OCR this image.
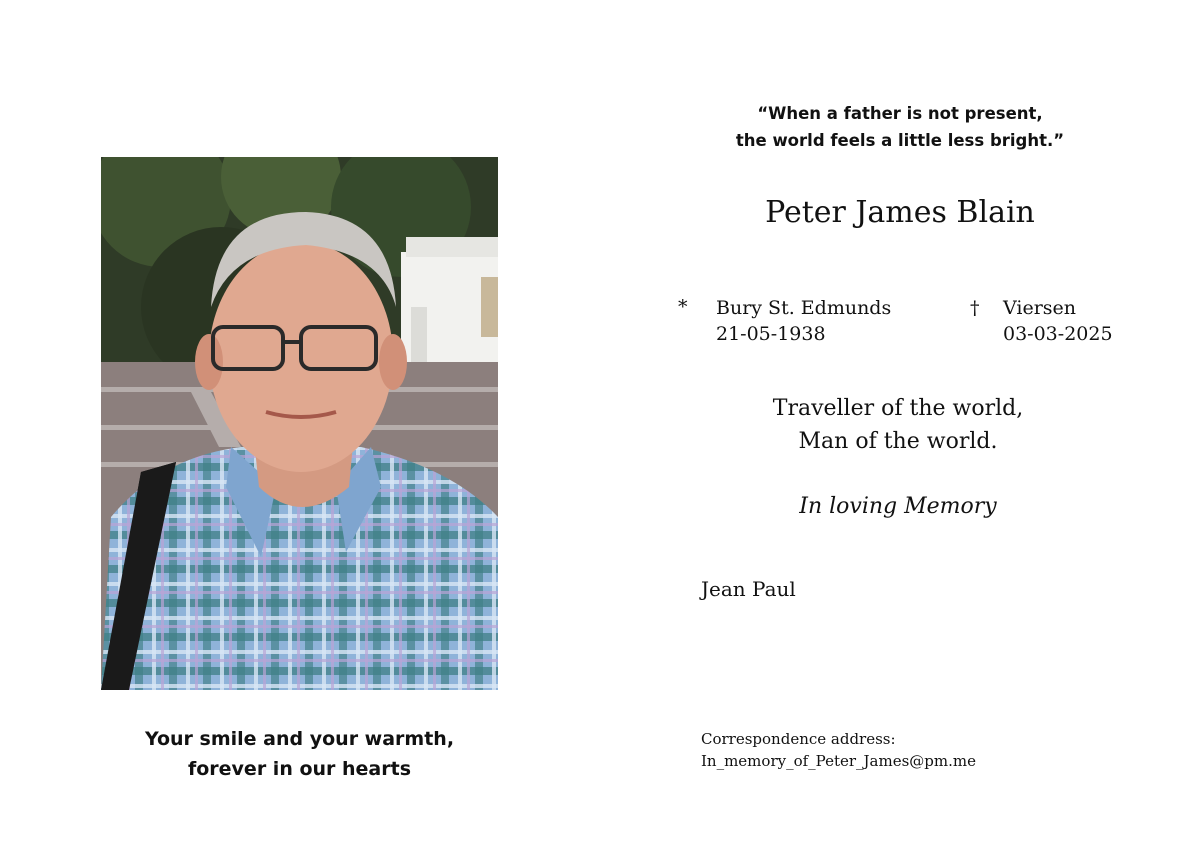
Your smile and your warmth,
forever in our hearts
“When a father is not present,
the world feels a little less bright.”
Peter James Blain
* Bury St. Edmunds
21-05-1938
† Viersen
03-03-2025
Traveller of the world,
Man of the world.
In loving Memory
Jean Paul
Correspondence address:
In_memory_of_Peter_James@pm.me
